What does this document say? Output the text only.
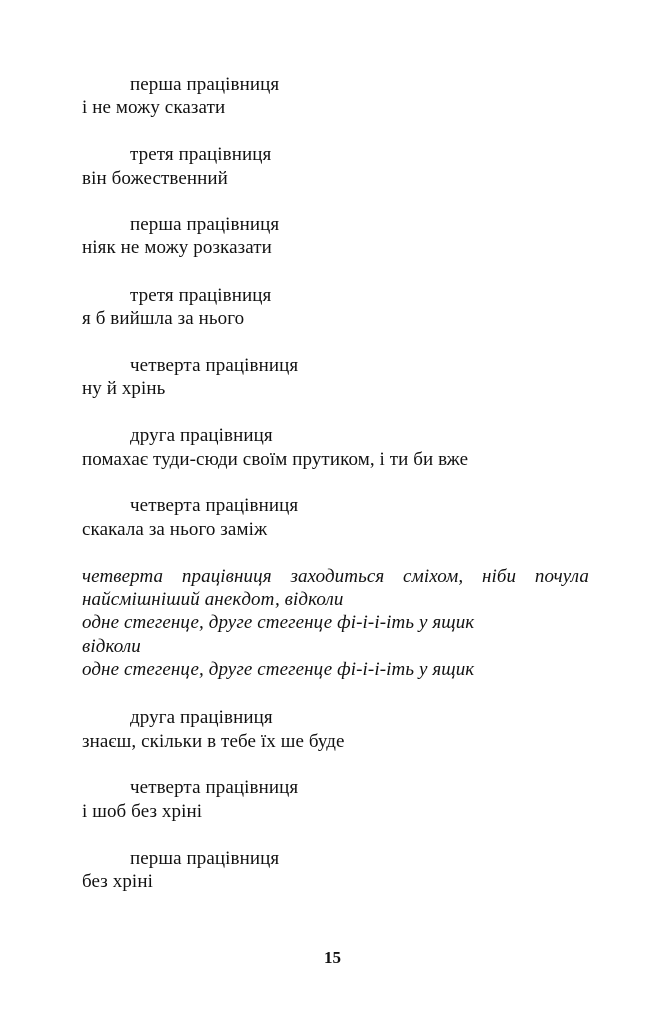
перша працівниця
і не можу сказати
третя працівниця
він божественний
перша працівниця
ніяк не можу розказати
третя працівниця
я б вийшла за нього
четверта працівниця
ну й хрінь
друга працівниця
помахає туди-сюди своїм прутиком, і ти би вже
четверта працівниця
скакала за нього заміж
четверта працівниця заходиться сміхом, ніби почула
найсмішніший анекдот, відколи
одне стегенце, друге стегенце фі-і-і-іть у ящик
відколи
одне стегенце, друге стегенце фі-і-і-іть у ящик
друга працівниця
знаєш, скільки в тебе їх ше буде
четверта працівниця
і шоб без хріні
перша працівниця
без хріні
15
